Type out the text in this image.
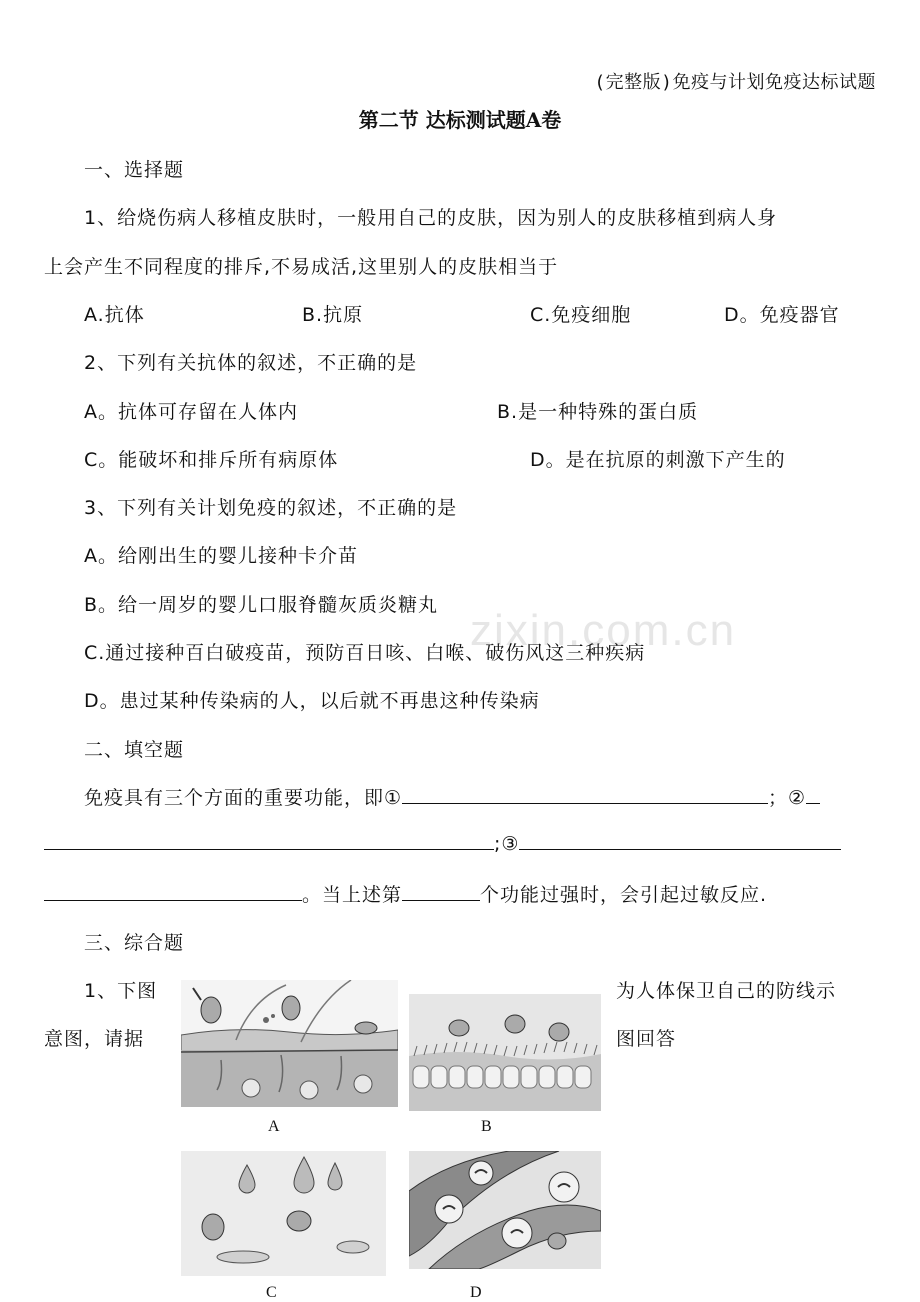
zixin.com.cn
(完整版)免疫与计划免疫达标试题
第二节 达标测试题A卷
一、选择题
1、给烧伤病人移植皮肤时，一般用自己的皮肤，因为别人的皮肤移植到病人身
上会产生不同程度的排斥,不易成活,这里别人的皮肤相当于
A.抗体	B.抗原	C.免疫细胞	D。免疫器官
2、下列有关抗体的叙述，不正确的是
A。抗体可存留在人体内	B.是一种特殊的蛋白质
C。能破坏和排斥所有病原体	D。是在抗原的刺激下产生的
3、下列有关计划免疫的叙述，不正确的是
A。给刚出生的婴儿接种卡介苗
B。给一周岁的婴儿口服脊髓灰质炎糖丸
C.通过接种百白破疫苗，预防百日咳、白喉、破伤风这三种疾病
D。患过某种传染病的人，以后就不再患这种传染病
二、填空题
免疫具有三个方面的重要功能，即①	；②
;③
。当上述第	个功能过强时，会引起过敏反应.
三、综合题
1、下图
意图，请据
为人体保卫自己的防线示
图回答
A	B
C	D
